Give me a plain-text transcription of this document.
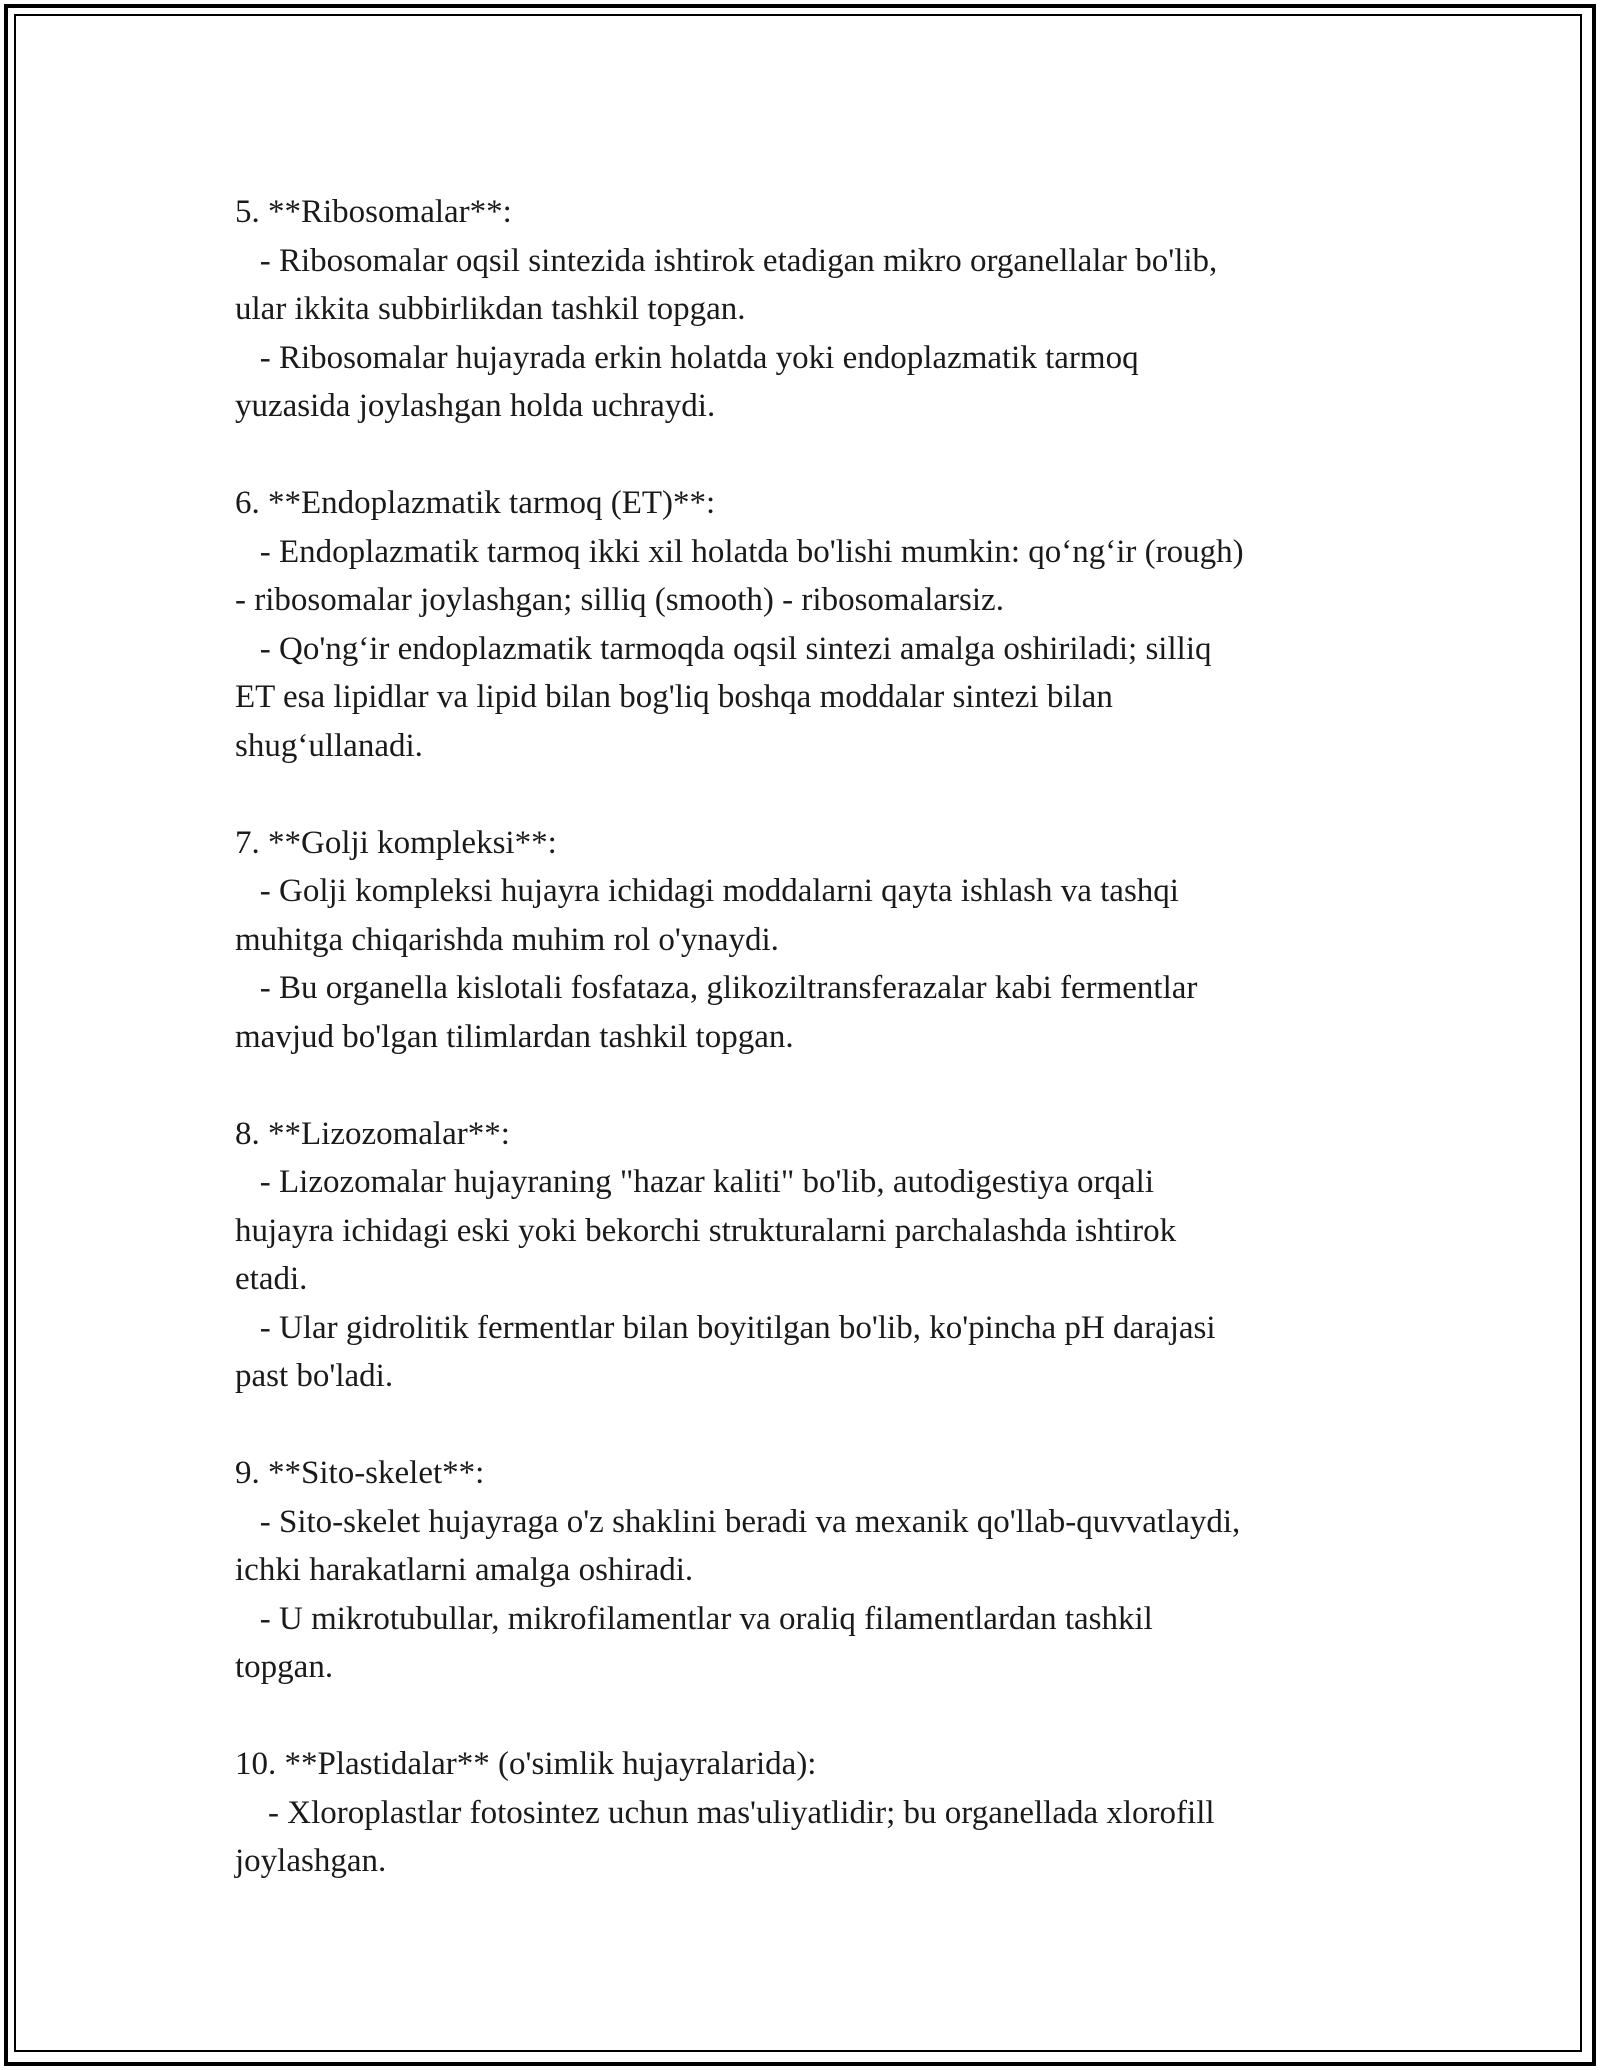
5. **Ribosomalar**:
- Ribosomalar oqsil sintezida ishtirok etadigan mikro organellalar bo'lib,
ular ikkita subbirlikdan tashkil topgan.
- Ribosomalar hujayrada erkin holatda yoki endoplazmatik tarmoq
yuzasida joylashgan holda uchraydi.
6. **Endoplazmatik tarmoq (ET)**:
- Endoplazmatik tarmoq ikki xil holatda bo'lishi mumkin: qo‘ng‘ir (rough)
- ribosomalar joylashgan; silliq (smooth) - ribosomalarsiz.
- Qo'ng‘ir endoplazmatik tarmoqda oqsil sintezi amalga oshiriladi; silliq
ET esa lipidlar va lipid bilan bog'liq boshqa moddalar sintezi bilan
shug‘ullanadi.
7. **Golji kompleksi**:
- Golji kompleksi hujayra ichidagi moddalarni qayta ishlash va tashqi
muhitga chiqarishda muhim rol o'ynaydi.
- Bu organella kislotali fosfataza, glikoziltransferazalar kabi fermentlar
mavjud bo'lgan tilimlardan tashkil topgan.
8. **Lizozomalar**:
- Lizozomalar hujayraning "hazar kaliti" bo'lib, autodigestiya orqali
hujayra ichidagi eski yoki bekorchi strukturalarni parchalashda ishtirok
etadi.
- Ular gidrolitik fermentlar bilan boyitilgan bo'lib, ko'pincha pH darajasi
past bo'ladi.
9. **Sito-skelet**:
- Sito-skelet hujayraga o'z shaklini beradi va mexanik qo'llab-quvvatlaydi,
ichki harakatlarni amalga oshiradi.
- U mikrotubullar, mikrofilamentlar va oraliq filamentlardan tashkil
topgan.
10. **Plastidalar** (o'simlik hujayralarida):
- Xloroplastlar fotosintez uchun mas'uliyatlidir; bu organellada xlorofill
joylashgan.
